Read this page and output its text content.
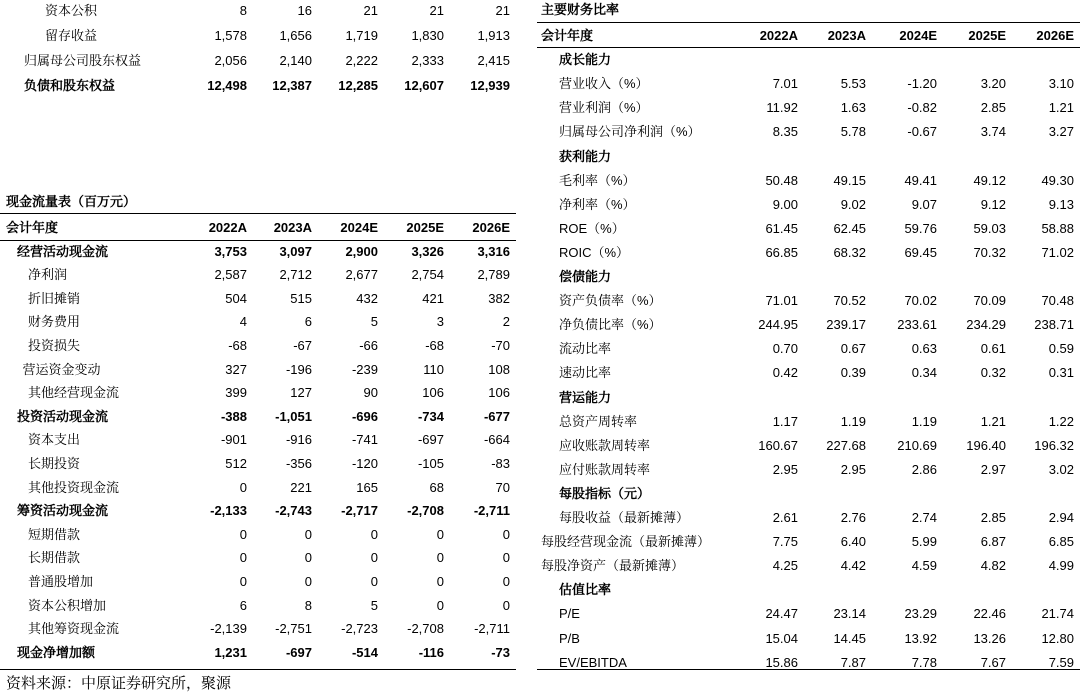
资本公积	8	16	21	21	21
留存收益	1,578	1,656	1,719	1,830	1,913
归属母公司股东权益	2,056	2,140	2,222	2,333	2,415
负债和股东权益	12,498	12,387	12,285	12,607	12,939
现金流量表（百万元）
会计年度	2022A	2023A	2024E	2025E	2026E
经营活动现金流	3,753	3,097	2,900	3,326	3,316
净利润	2,587	2,712	2,677	2,754	2,789
折旧摊销	504	515	432	421	382
财务费用	4	6	5	3	2
投资损失	-68	-67	-66	-68	-70
营运资金变动	327	-196	-239	110	108
其他经营现金流	399	127	90	106	106
投资活动现金流	-388	-1,051	-696	-734	-677
资本支出	-901	-916	-741	-697	-664
长期投资	512	-356	-120	-105	-83
其他投资现金流	0	221	165	68	70
筹资活动现金流	-2,133	-2,743	-2,717	-2,708	-2,711
短期借款	0	0	0	0	0
长期借款	0	0	0	0	0
普通股增加	0	0	0	0	0
资本公积增加	6	8	5	0	0
其他筹资现金流	-2,139	-2,751	-2,723	-2,708	-2,711
现金净增加额	1,231	-697	-514	-116	-73
主要财务比率
会计年度	2022A	2023A	2024E	2025E	2026E
成长能力
营业收入（%）	7.01	5.53	-1.20	3.20	3.10
营业利润（%）	11.92	1.63	-0.82	2.85	1.21
归属母公司净利润（%）	8.35	5.78	-0.67	3.74	3.27
获利能力
毛利率（%）	50.48	49.15	49.41	49.12	49.30
净利率（%）	9.00	9.02	9.07	9.12	9.13
ROE（%）	61.45	62.45	59.76	59.03	58.88
ROIC（%）	66.85	68.32	69.45	70.32	71.02
偿债能力
资产负债率（%）	71.01	70.52	70.02	70.09	70.48
净负债比率（%）	244.95	239.17	233.61	234.29	238.71
流动比率	0.70	0.67	0.63	0.61	0.59
速动比率	0.42	0.39	0.34	0.32	0.31
营运能力
总资产周转率	1.17	1.19	1.19	1.21	1.22
应收账款周转率	160.67	227.68	210.69	196.40	196.32
应付账款周转率	2.95	2.95	2.86	2.97	3.02
每股指标（元）
每股收益（最新摊薄）	2.61	2.76	2.74	2.85	2.94
每股经营现金流（最新摊薄）	7.75	6.40	5.99	6.87	6.85
每股净资产（最新摊薄）	4.25	4.42	4.59	4.82	4.99
估值比率
P/E	24.47	23.14	23.29	22.46	21.74
P/B	15.04	14.45	13.92	13.26	12.80
EV/EBITDA	15.86	7.87	7.78	7.67	7.59
资料来源：中原证券研究所，聚源
